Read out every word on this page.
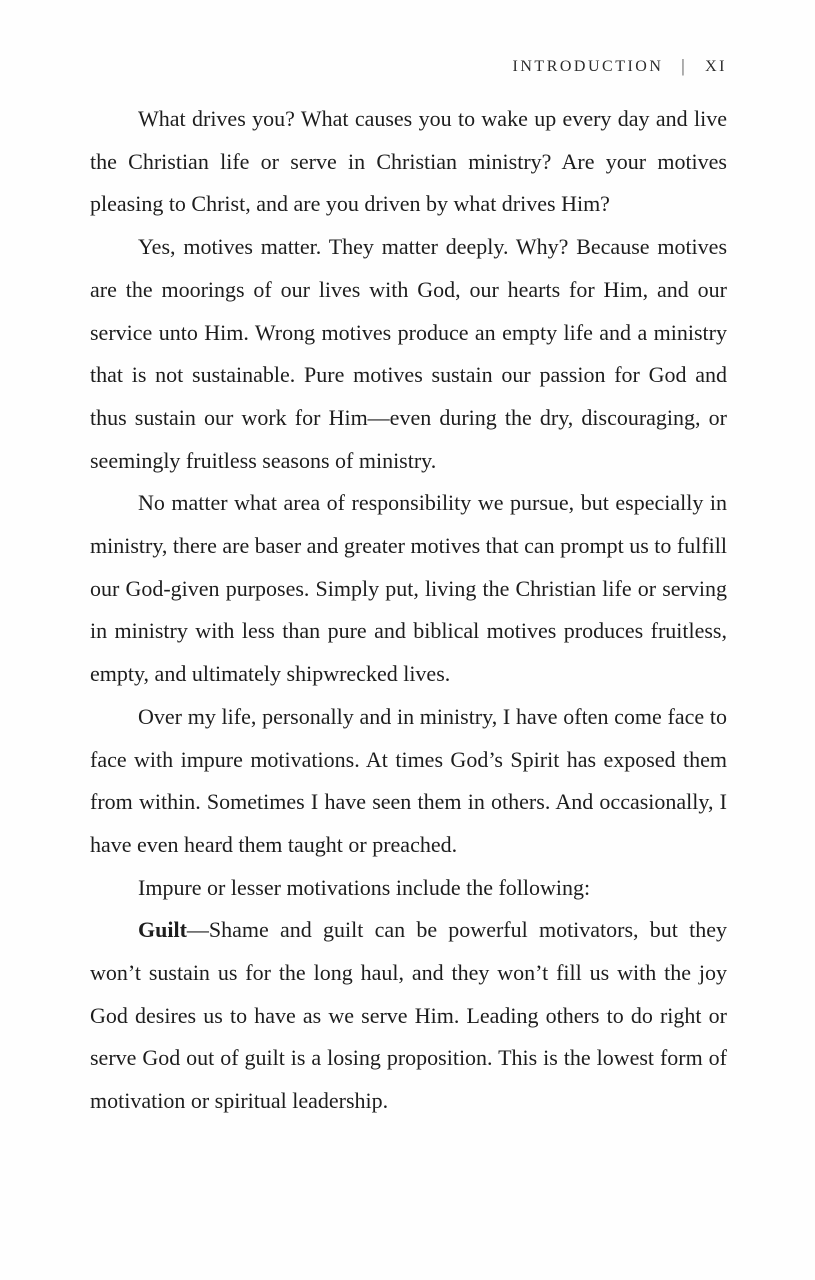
INTRODUCTION | XI

What drives you? What causes you to wake up every day and live the Christian life or serve in Christian ministry? Are your motives pleasing to Christ, and are you driven by what drives Him?

Yes, motives matter. They matter deeply. Why? Because motives are the moorings of our lives with God, our hearts for Him, and our service unto Him. Wrong motives produce an empty life and a ministry that is not sustainable. Pure motives sustain our passion for God and thus sustain our work for Him—even during the dry, discouraging, or seemingly fruitless seasons of ministry.

No matter what area of responsibility we pursue, but especially in ministry, there are baser and greater motives that can prompt us to fulfill our God-given purposes. Simply put, living the Christian life or serving in ministry with less than pure and biblical motives produces fruitless, empty, and ultimately shipwrecked lives.

Over my life, personally and in ministry, I have often come face to face with impure motivations. At times God’s Spirit has exposed them from within. Sometimes I have seen them in others. And occasionally, I have even heard them taught or preached.

Impure or lesser motivations include the following:

Guilt—Shame and guilt can be powerful motivators, but they won’t sustain us for the long haul, and they won’t fill us with the joy God desires us to have as we serve Him. Leading others to do right or serve God out of guilt is a losing proposition. This is the lowest form of motivation or spiritual leadership.
